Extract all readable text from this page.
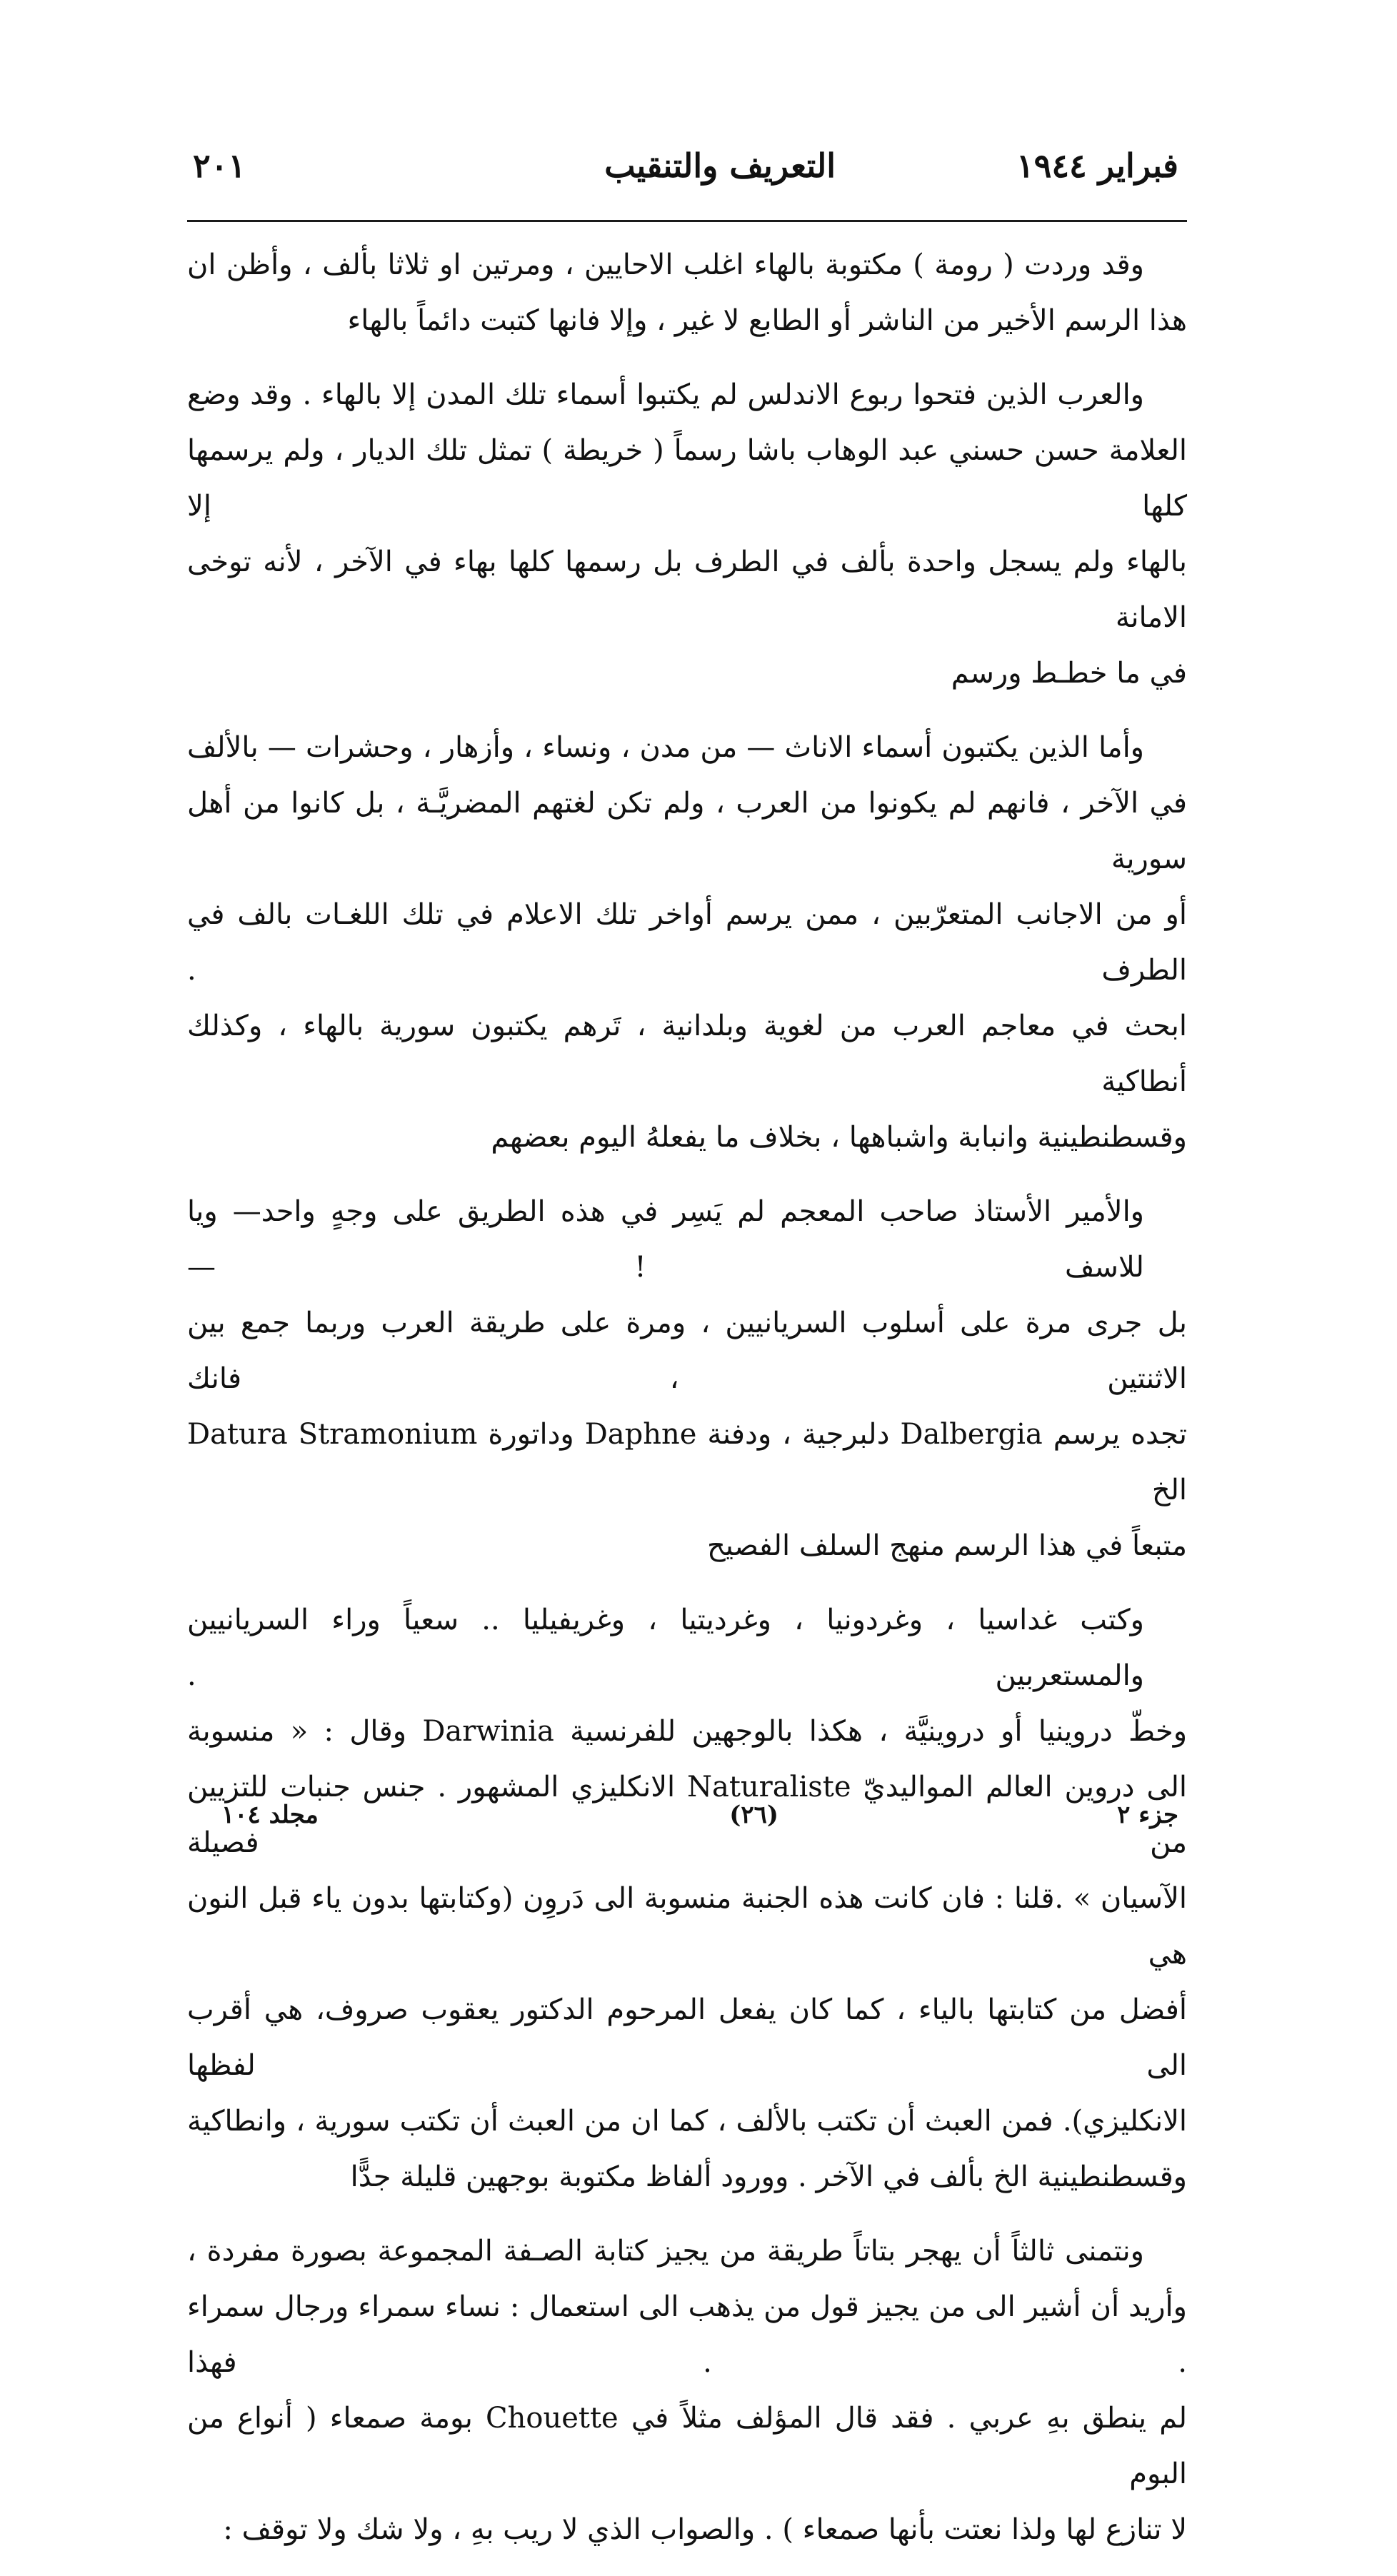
فبراير ١٩٤٤
التعريف والتنقيب
٢٠١
وقد وردت ( رومة ) مكتوبة بالهاء اغلب الاحايين ، ومرتين او ثلاثا بألف ، وأظن ان
هذا الرسم الأخير من الناشر أو الطابع لا غير ، وإلا فانها كتبت دائماً بالهاء
والعرب الذين فتحوا ربوع الاندلس لم يكتبوا أسماء تلك المدن إلا بالهاء . وقد وضع
العلامة حسن حسني عبد الوهاب باشا رسماً ( خريطة ) تمثل تلك الديار ، ولم يرسمها كلها إلا
بالهاء ولم يسجل واحدة بألف في الطرف بل رسمها كلها بهاء في الآخر ، لأنه توخى الامانة
في ما خطـط ورسم
وأما الذين يكتبون أسماء الاناث — من مدن ، ونساء ، وأزهار ، وحشرات — بالألف
في الآخر ، فانهم لم يكونوا من العرب ، ولم تكن لغتهم المضريَّـة ، بل كانوا من أهل سورية
أو من الاجانب المتعرّبين ، ممن يرسم أواخر تلك الاعلام في تلك اللغـات بالف في الطرف .
ابحث في معاجم العرب من لغوية وبلدانية ، تَرهم يكتبون سورية بالهاء ، وكذلك أنطاكية
وقسطنطينية وانبابة واشباهها ، بخلاف ما يفعلهُ اليوم بعضهم
والأمير الأستاذ صاحب المعجم لم يَسِر في هذه الطريق على وجهٍ واحد— ويا للاسف ! —
بل جرى مرة على أسلوب السريانيين ، ومرة على طريقة العرب وربما جمع بين الاثنتين ، فانك
تجده يرسم Dalbergia دلبرجية ، ودفنة Daphne وداتورة Datura Stramonium الخ
متبعاً في هذا الرسم منهج السلف الفصيح
وكتب غداسيا ، وغردونيا ، وغرديتيا ، وغريفيليا .. سعياً وراء السريانيين والمستعربين .
وخطّ دروينيا أو دروينيَّة ، هكذا بالوجهين للفرنسية Darwinia وقال : « منسوبة
الى دروين العالم المواليديّ Naturaliste الانكليزي المشهور . جنس جنبات للتزيين من فصيلة
الآسيان » .قلنا : فان كانت هذه الجنبة منسوبة الى دَروِن (وكتابتها بدون ياء قبل النون هي
أفضل من كتابتها بالياء ، كما كان يفعل المرحوم الدكتور يعقوب صروف، هي أقرب الى لفظها
الانكليزي). فمن العبث أن تكتب بالألف ، كما ان من العبث أن تكتب سورية ، وانطاكية
وقسطنطينية الخ بألف في الآخر . وورود ألفاظ مكتوبة بوجهين قليلة جدًّا
ونتمنى ثالثاً أن يهجر بتاتاً طريقة من يجيز كتابة الصـفة المجموعة بصورة مفردة ،
وأريد أن أشير الى من يجيز قول من يذهب الى استعمال : نساء سمراء ورجال سمراء . . فهذا
لم ينطق بهِ عربي . فقد قال المؤلف مثلاً في Chouette بومة صمعاء ( أنواع من البوم
لا تنازع لها ولذا نعتت بأنها صمعاء ) . والصواب الذي لا ريب بهِ ، ولا شك ولا توقف :
جزء ٢
(٢٦)
مجلد ١٠٤
